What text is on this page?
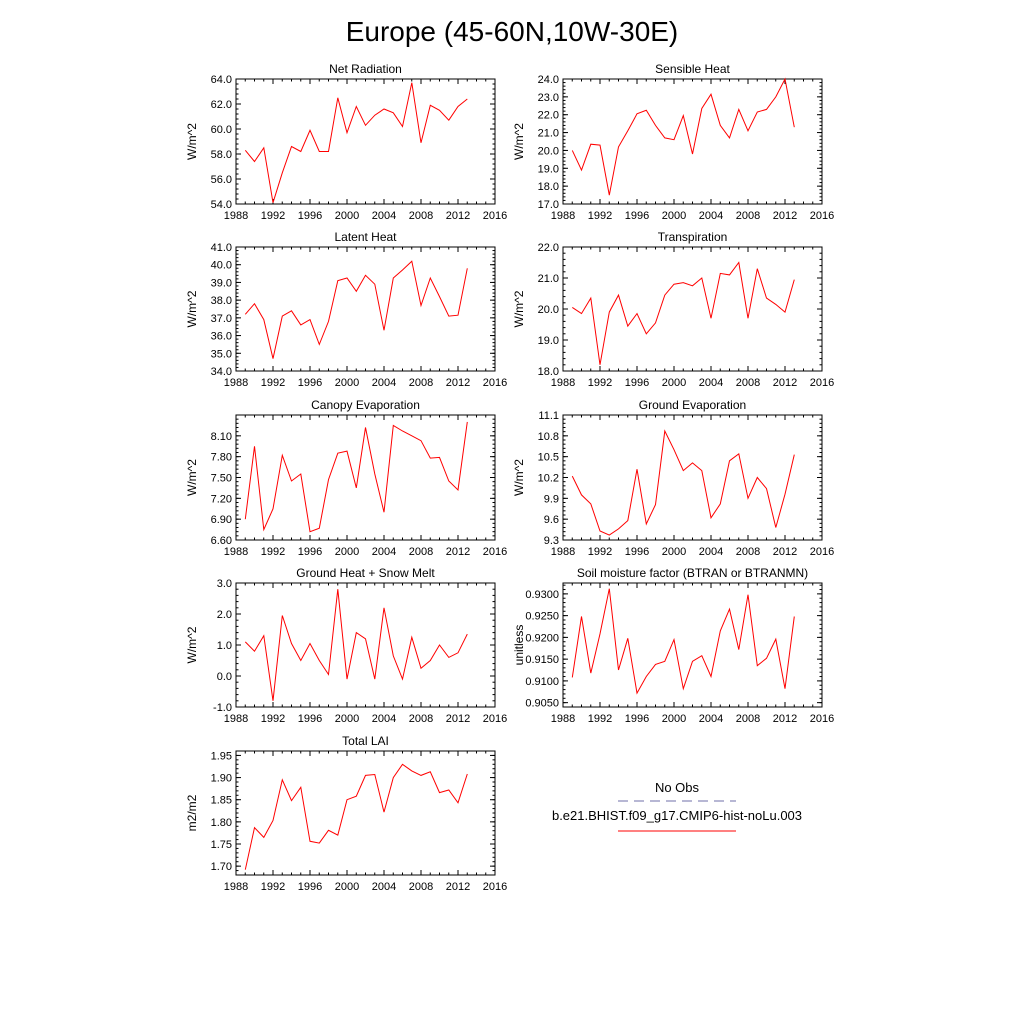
Europe (45-60N,10W-30E)
Net Radiation
1988 1992 1996 2000 2004 2008 2012 2016
54.0
56.0
58.0
60.0
62.0
64.0
W/m^2
Sensible Heat
1988 1992 1996 2000 2004 2008 2012 2016
17.0
18.0
19.0
20.0
21.0
22.0
23.0
24.0
W/m^2
Latent Heat
1988 1992 1996 2000 2004 2008 2012 2016
34.0
35.0
36.0
37.0
38.0
39.0
40.0
41.0
W/m^2
Transpiration
1988 1992 1996 2000 2004 2008 2012 2016
18.0
19.0
20.0
21.0
22.0
W/m^2
Canopy Evaporation
1988 1992 1996 2000 2004 2008 2012 2016
6.60
6.90
7.20
7.50
7.80
8.10
W/m^2
Ground Evaporation
1988 1992 1996 2000 2004 2008 2012 2016
9.3
9.6
9.9
10.2
10.5
10.8
11.1
W/m^2
Ground Heat + Snow Melt
1988 1992 1996 2000 2004 2008 2012 2016
-1.0
0.0
1.0
2.0
3.0
W/m^2
Soil moisture factor (BTRAN or BTRANMN)
1988 1992 1996 2000 2004 2008 2012 2016
0.9050
0.9100
0.9150
0.9200
0.9250
0.9300
unitless
Total LAI
1988 1992 1996 2000 2004 2008 2012 2016
1.70
1.75
1.80
1.85
1.90
1.95
m2/m2
No Obs
b.e21.BHIST.f09_g17.CMIP6-hist-noLu.003
